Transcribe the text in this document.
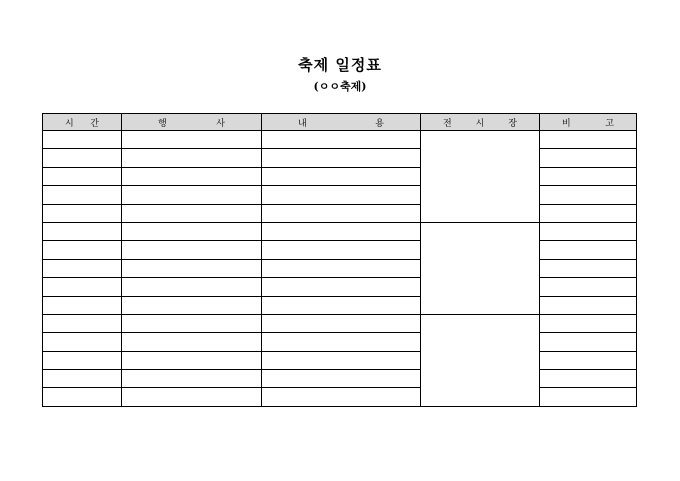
축제 일정표
(ㅇㅇ축제)
시 간	행 사	내 용	전 시 장	비 고
